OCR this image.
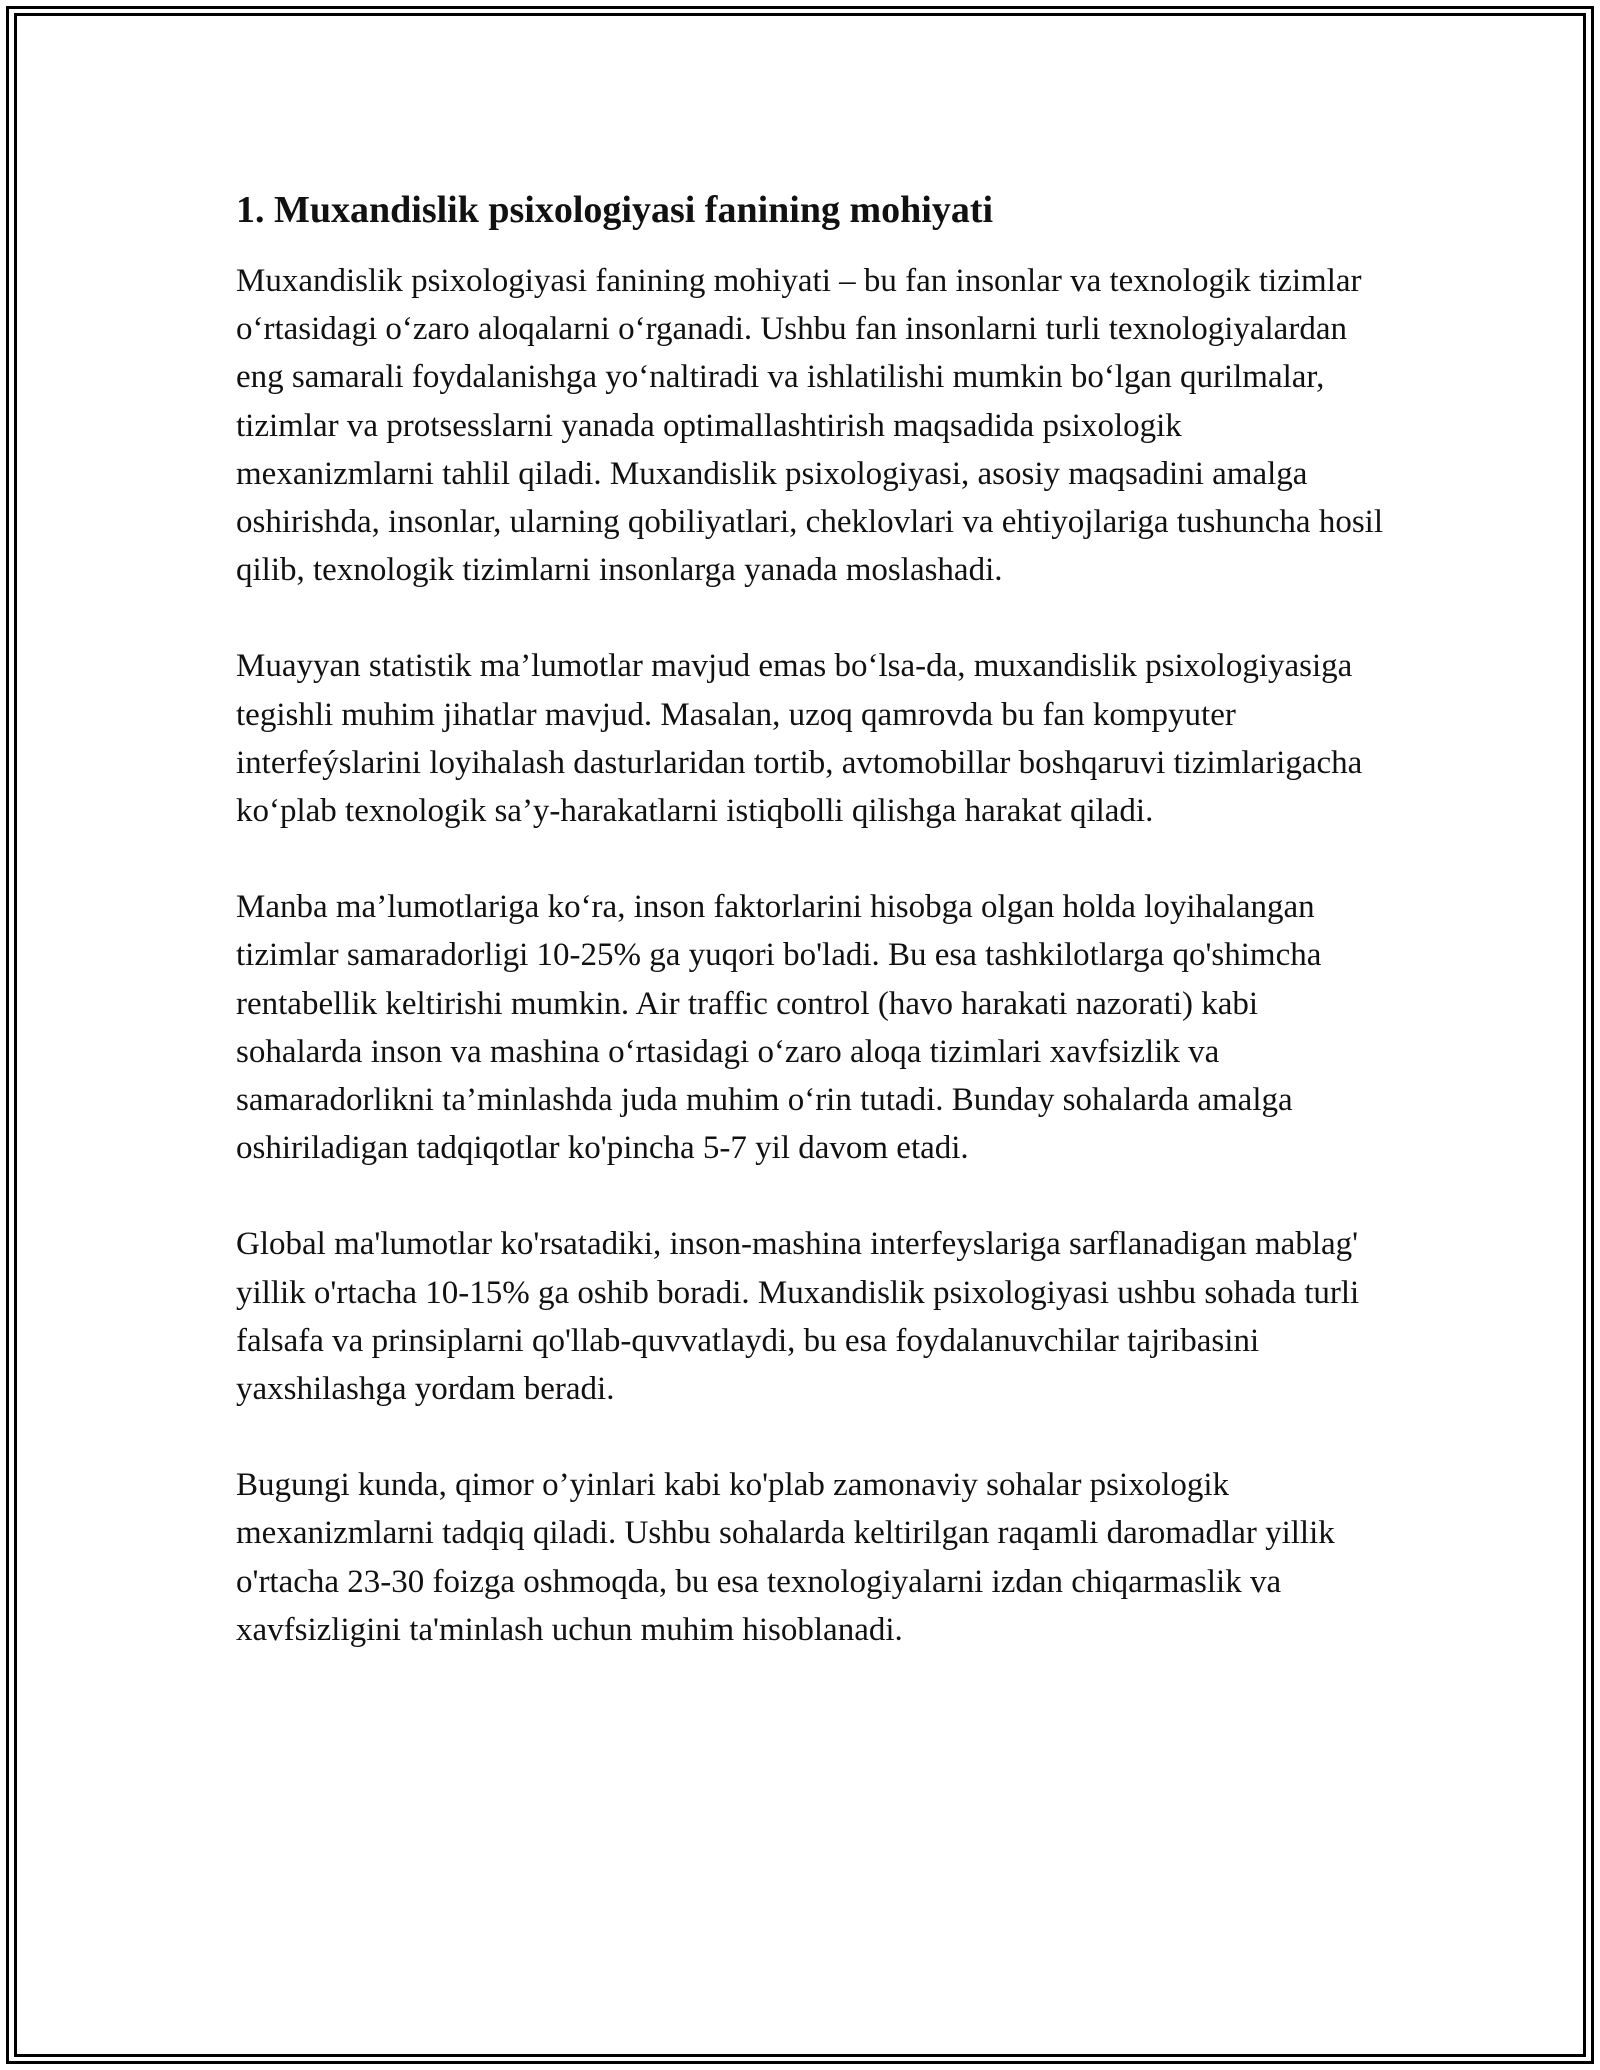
1. Muxandislik psixologiyasi fanining mohiyati

Muxandislik psixologiyasi fanining mohiyati – bu fan insonlar va texnologik tizimlar o‘rtasidagi o‘zaro aloqalarni o‘rganadi. Ushbu fan insonlarni turli texnologiyalardan eng samarali foydalanishga yo‘naltiradi va ishlatilishi mumkin bo‘lgan qurilmalar, tizimlar va protsesslarni yanada optimallashtirish maqsadida psixologik mexanizmlarni tahlil qiladi. Muxandislik psixologiyasi, asosiy maqsadini amalga oshirishda, insonlar, ularning qobiliyatlari, cheklovlari va ehtiyojlariga tushuncha hosil qilib, texnologik tizimlarni insonlarga yanada moslashadi.

Muayyan statistik ma’lumotlar mavjud emas bo‘lsa-da, muxandislik psixologiyasiga tegishli muhim jihatlar mavjud. Masalan, uzoq qamrovda bu fan kompyuter interfeýslarini loyihalash dasturlaridan tortib, avtomobillar boshqaruvi tizimlarigacha ko‘plab texnologik sa’y-harakatlarni istiqbolli qilishga harakat qiladi.

Manba ma’lumotlariga ko‘ra, inson faktorlarini hisobga olgan holda loyihalangan tizimlar samaradorligi 10-25% ga yuqori bo'ladi. Bu esa tashkilotlarga qo'shimcha rentabellik keltirishi mumkin. Air traffic control (havo harakati nazorati) kabi sohalarda inson va mashina o‘rtasidagi o‘zaro aloqa tizimlari xavfsizlik va samaradorlikni ta’minlashda juda muhim o‘rin tutadi. Bunday sohalarda amalga oshiriladigan tadqiqotlar ko'pincha 5-7 yil davom etadi.

Global ma'lumotlar ko'rsatadiki, inson-mashina interfeyslariga sarflanadigan mablag' yillik o'rtacha 10-15% ga oshib boradi. Muxandislik psixologiyasi ushbu sohada turli falsafa va prinsiplarni qo'llab-quvvatlaydi, bu esa foydalanuvchilar tajribasini yaxshilashga yordam beradi.

Bugungi kunda, qimor o’yinlari kabi ko'plab zamonaviy sohalar psixologik mexanizmlarni tadqiq qiladi. Ushbu sohalarda keltirilgan raqamli daromadlar yillik o'rtacha 23-30 foizga oshmoqda, bu esa texnologiyalarni izdan chiqarmaslik va xavfsizligini ta'minlash uchun muhim hisoblanadi.
